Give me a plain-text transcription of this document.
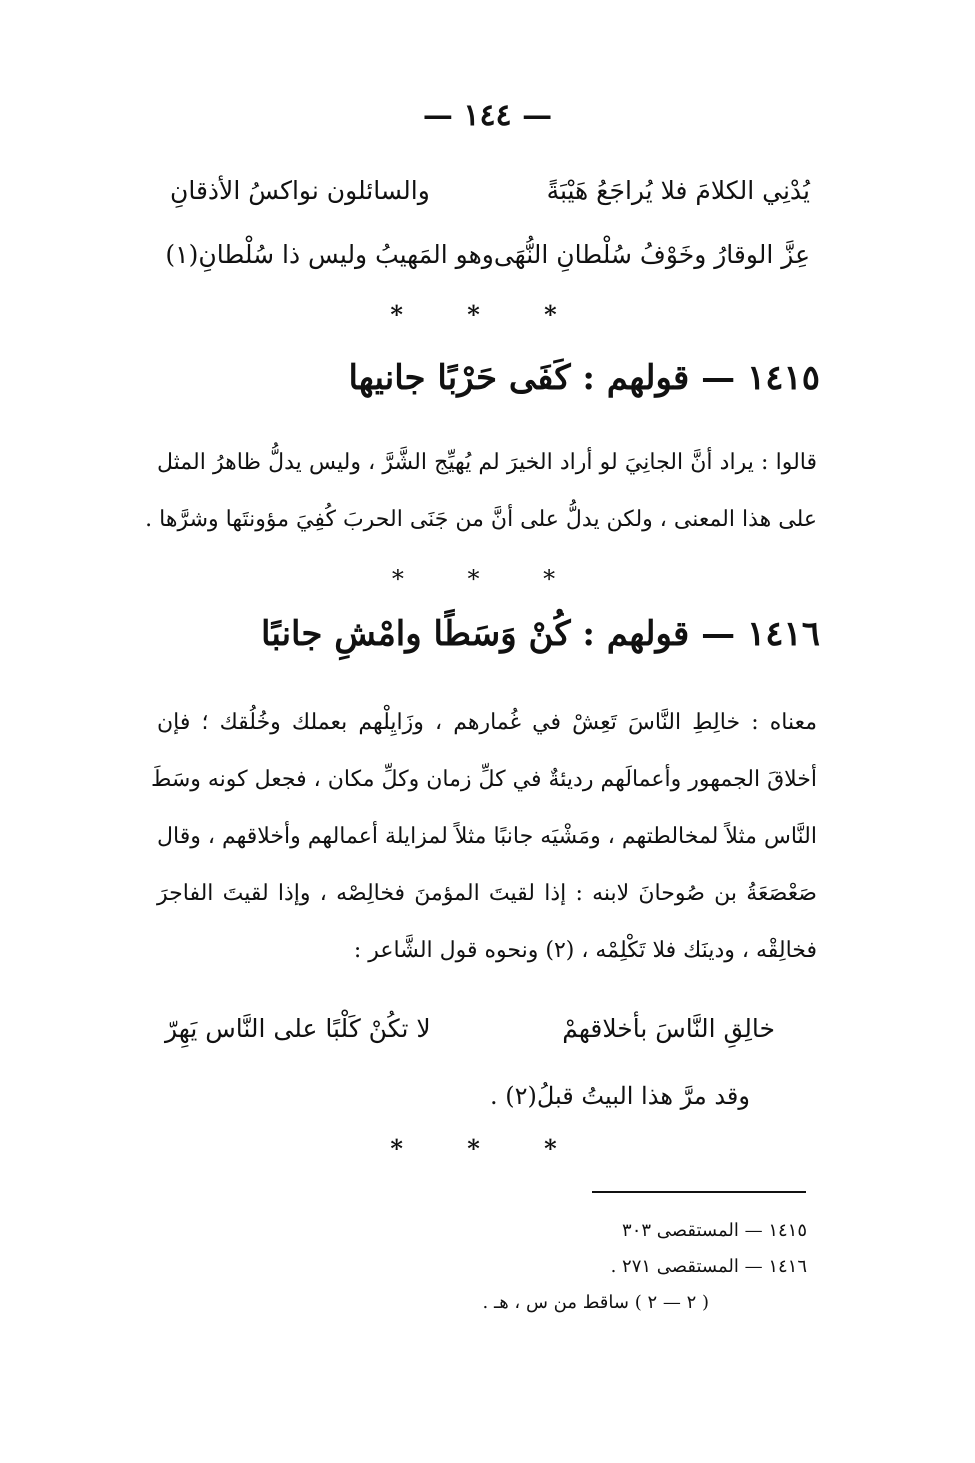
— ١٤٤ —
يُدْنِي الكلامَ فلا يُراجَعُ هَيْبَةً
والسائلون نواكسُ الأذقانِ
عِزَّ الوقارُ وخَوْفُ سُلْطانِ النُّهَى
وهو المَهيبُ وليس ذا سُلْطانِ(١)
* * *
١٤١٥ — قولهم : كَفَى حَرْبًا جانيها
قالوا : يراد أنَّ الجانِيَ لو أراد الخيرَ لم يُهيِّج الشَّرَّ ، وليس يدلُّ ظاهرُ المثل
على هذا المعنى ، ولكن يدلُّ على أنَّ من جَنَى الحربَ كُفِيَ مؤونتَها وشرَّها .
* * *
١٤١٦ — قولهم : كُنْ وَسَطًا وامْشِ جانبًا
معناه : خالِطِ النَّاسَ تَعِشْ في غُمارهم ، وزَايِلْهم بعملك وخُلُقك ؛ فإن
أخلاقَ الجمهور وأعمالَهم رديئةٌ في كلِّ زمان وكلِّ مكان ، فجعل كونه وسَطَ
النَّاس مثلاً لمخالطتهم ، ومَشْيَه جانبًا مثلاً لمزايلة أعمالهم وأخلاقهم ، وقال
صَعْصَعَةُ بن صُوحانَ لابنه : إذا لقيتَ المؤمنَ فخالِصْه ، وإذا لقيتَ الفاجرَ
فخالِقْه ، ودينَك فلا تَكْلِمْه ، (٢) ونحوه قول الشَّاعر :
خالِقِ النَّاسَ بأخلاقهمْ
لا تكُنْ كَلْبًا على النَّاس يَهِرّ
وقد مرَّ هذا البيتُ قبلُ(٢) .
* * *
١٤١٥ — المستقصى ٣٠٣
١٤١٦ — المستقصى ٢٧١ .
( ٢ — ٢ ) ساقط من س ، هـ .
